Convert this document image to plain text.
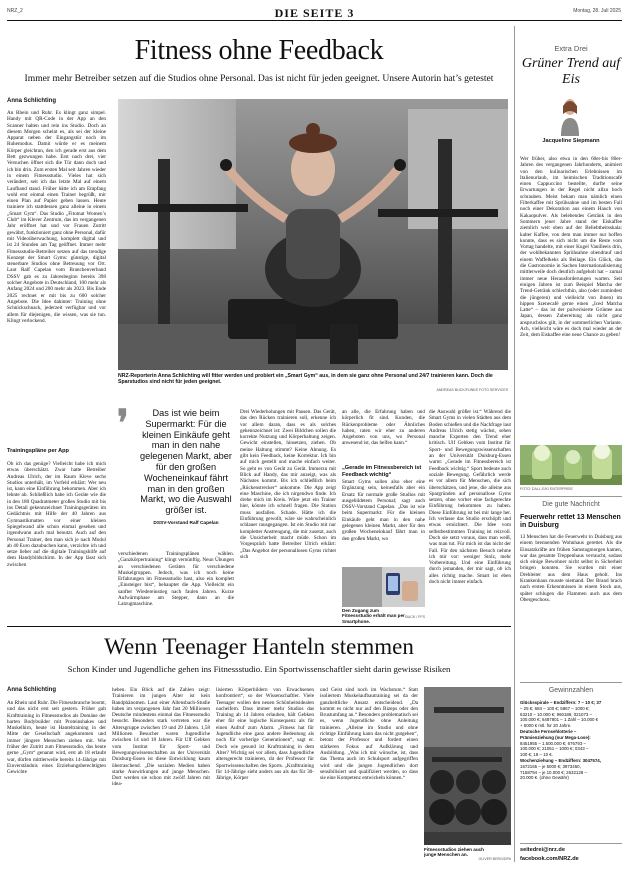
NRZ_2	DIE SEITE 3	Montag, 28. Juli 2025
Fitness ohne Feedback
Immer mehr Betreiber setzen auf die Studios ohne Personal. Das ist nicht für jeden geeignet. Unsere Autorin hat’s getestet
Anna Schlichting
An Rhein und Ruhr. Es klingt ganz simpel. Handy mit QR-Code in der App an den Scanner halten und rein ins Studio. Doch an diesem Morgen scheint es, als sei der kleine Apparat neben der Eingangstür noch im Ruhemodus. Damit würde er es meinem Körper gleichtun, den ich gerade erst aus dem Bett gezwungen habe. Erst nach drei, vier Versuchen öffnet sich die Tür dann doch und ich bin drin. Zum ersten Mal seit Jahren wieder in einem Fitnessstudio. Vieles hat sich verändert, seit ich das letzte Mal auf einem Laufband stand. Früher hätte ich am Empfang wohl erst einmal einen Trainer begrüßt, mir einen Plan auf Papier geben lassen. Heute trainiere ich stattdessen ganz alleine in einem „Smart Gym“. Das Studio „Fitomat Women’s Club“ im Klever Zentrum, das im vergangenen Jahr eröffnet hat und vor Frauen Zutritt gewährt, funktioniert ganz ohne Personal, dafür mit Videoüberwachung, komplett digital und ist 24 Stunden am Tag geöffnet. Immer mehr Fitnessstudio-Betreiber setzen auf das trendige Konzept der Smart Gyms: günstige, digital steuerbare Studios ohne Betreuung vor Ort. Laut Ralf Capelan vom Branchenverband DSSV gab es zu Jahresbeginn bereits 398 solcher Angebote in Deutschland, 100 mehr als Anfang 2024 und 200 mehr als 2023. Bis Ende 2025 rechnet er mit bis zu 600 solcher Angebote. Die Idee dahinter: Training ohne Schnickschnack, jederzeit verfügbar und vor allem für diejenigen, die wissen, was sie tun. Klingt verlockend.
Trainingspläne per App
Ob ich das genüge? Vielleicht habe ich mich etwas überschätzt. Zwar hatte Betreiber Andreas Ulrich, der im Raum Kleve sechs Studios unterhält, im Vorfeld erklärt: Wer neu ist, kann eine Einführung bekommen. Aber ich lehnte ab. Schließlich habe ich Geräte wie die in den 180 Quadratmeter großen Studio mit bis ins Detail gekennzeichnet Trainingsgeräten im Gedächtnis mit Hilfe der 40 Jahren aus Gymnastikmatten vor einer kleinen Spiegelwand alle schon einmal gesehen und irgendwann auch mal benutzt. Auch auf den Personal Trainer, den man sich je nach Modul ab 40 Euro dazubuchen kann, verzichte ich und setze lieber auf die digitale Trainingshilfe auf dem Handybildschirm. In der App lässt sich zwischen
NRZ-Reporterin Anna Schlichting will fitter werden und probiert ein „Smart Gym“ aus, in dem sie ganz ohne Personal und 24/7 trainieren kann. Doch die Sparstudios sind nicht für jeden geeignet.
ANDREAS BUCK/FUNKE FOTO SERVICES
❜	Das ist wie beim Supermarkt: Für die kleinen Einkäufe geht man in den nahe gelegenen Markt, aber für den großen Wocheneinkauf fährt man in den großen Markt, wo die Auswahl größer ist.
DSSV-Vorstand Ralf Capelan
verschiedenen Trainingsplänen wählen. „Ganzkörpertraining“ klingt vernünftig. Neun Übungen an verschiedenen Geräten für verschiedene Muskelgruppen. Jedoch, was ich noch keine Erfahrungen im Fitnessstudio hast, also ein komplett „Einsteiger bist“, behauptet die App. Vielleicht ein sanfter Wiedereinstieg nach faulen Jahren. Kurze Aufwärmphase am Stepper, dann an die Latzugmaschine.
Drei Wiederholungen mit Pausen. Das Gerät, das den Rücken trainieren soll, erkenne ich vor allem daran, dass es als solches gekennzeichnet ist: Zwei Bildchen sollen die korrekte Nutzung und Körperhaltung zeigen. Gewicht einstellen, hinsetzen, ziehen. Ob meine Haltung stimmt? Keine Ahnung. Es gibt kein Feedback, keine Korrektur. Ich bin auf mich gestellt und mache einfach weiter. So geht es von Gerät zu Gerät. Immerzu mit Blick auf Handy, das mir anzeigt, was als Nächstes kommt. Bis ich schließlich beim „Rückenstrecker“ ankomme. Die App zeigt eine Maschine, die ich nirgendwo finde. Ich drehe mich im Kreis. Wäre jetzt ein Trainer hier, könnte ich schnell fragen. Die Station muss ausfallen. Schade. Hätte ich die Einführung gewollt, wäre sie wahrscheinlich schlauer rausgegangen. Ist ein Studio mit nur kompletter Anstrengung, die mir zusetzt, auch die Unsicherheit macht müde. Schon im Vorgespräch hatte Betreiber Ulrich erklärt: „Das Angebot der personallosen Gyms richtet sich
an alle, die Erfahrung haben und körperlich fit sind. Kunden, die Rückenprobleme oder Ähnliches haben, raten wir eher zu anderen Angeboten von uns, wo Personal anwesend ist, das helfen kann.“
„Gerade im Fitnessbereich ist Feedback wichtig“
Smart Gyms sollen also eher eine Ergänzung sein, keinesfalls aber ein Ersatz für normale große Studios mit ausgebildetem Personal; sagt auch DSSV-Vorstand Capelan. „Das ist wie beim Supermarkt: Für die kleinen Einkäufe geht man in den nahe gelegenen kleinen Markt, aber für den großen Wocheneinkauf fährt man in den großen Markt, wo
die Auswahl größer ist.“ Während die Smart Gyms in vielen Städten aus dem Boden schießen und die Nachfrage laut Andreas Ulrich stetig wächst, sehen manche Experten den Trend eher kritisch. Ulf Gebken vom Institut für Sport- und Bewegungswissenschaften an der Universität Duisburg-Essen warnt: „Gerade im Fitnessbereich ist Feedback wichtig.“ Sport bedeute auch soziale Bewegung. Gefährlich werde es vor allem für Menschen, die sich überschätzen, und jene, die alleine aus Spargründen auf personallose Gyms setzen, ohne vorher eine fachgerechte Einführung bekommen zu haben. Diese Einführung ist bei mir lange her. Ich verlasse das Studio erschöpft und etwas ernüchtert. Die Idee vom selbstbestimmten Training ist reizvoll. Doch sie setzt voraus, dass man weiß, was man tut. Für mich ist das nicht der Fall. Für den nächsten Besuch nehme ich mir vor: weniger Stolz, mehr Vorbereitung. Und eine Einführung durch jemanden, der mir sagt, ob ich alles richtig mache. Smart ist eben doch nicht immer einfach.
Den Zugang zum Fitnessstudio erhält man per Smartphone.
BUCK / FFS
Wenn Teenager Hanteln stemmen
Schon Kinder und Jugendliche gehen ins Fitnessstudio. Ein Sportwissenschaftler sieht darin gewisse Risiken
Anna Schlichting
An Rhein und Ruhr. Die Fitnessbranche boomt, und das nicht erst seit gestern. Früher galt Krafttraining in Fitnessstudios als Domäne der harten Bodybuilder mit Proteinshakes und Muskelhirn, heute ist Hanteltraining in der Mitte der Gesellschaft angekommen und immer jüngere Menschen ziehen mit. Wie früher der Zutritt zum Fitnessstudio, das heute gerne „Gym“ genannt wird, erst ab 18 erlaubt war, dürfen mittlerweile bereits 14-Jährige mit Einverständnis eines Erziehungsberechtigten Gewichte
heben. Ein Blick auf die Zahlen zeigt: Trainieren im jungen Alter ist kein Randphänomen. Laut einer Allensbach-Studie haben im vergangenen Jahr fast 20 Millionen Deutsche mindestens einmal das Fitnessstudio besucht. Besonders stark vertreten war die Altersgruppe zwischen 19 und 29 Jahren. 1,58 Millionen Besucher waren Jugendliche zwischen 14 und 18 Jahren. Für Ulf Gebken vom Institut für Sport- und Bewegungswissenschaften an der Universität Duisburg-Essen ist diese Entwicklung kaum überraschend. „Die sozialen Medien haben starke Auswirkungen auf junge Menschen. Dort werden sie schon mit zwölf Jahren mit idea-
lisierten Körperbildern von Erwachsenen konfrontiert“, so der Wissenschaftler. Viele Teenager wollen den neuen Schönheitsidealen nacheifern. Dass immer mehr Studios das Training ab 14 Jahren erlauben, hält Gebken eher für eine logische Konsequenz als für einen Aufruf zum Alarm. „Fitness hat für Jugendliche eine ganz andere Bedeutung als noch für vorherige Generationen“, sagt er. Doch wie gesund ist Krafttraining in dem Alter? Wichtig sei vor allem, dass Jugendliche altersgerecht trainieren, rät der Professor für Sportwissenschaften des Sports. „Krafttraining für 14-Jährige sieht anders aus als das für 30-Jährige, Körper
und Geist sind noch im Wachstum.“ Statt isoliertem Muskelaufbautraining sei da der ganzheitliche Ansatz entscheidend. „Da kommt es nicht nur auf den Bizeps oder den Brustumfang an.“ Besonders problematisch sei es, wenn Jugendliche ohne Anleitung trainieren. „Alleine im Studio und ohne richtige Einführung kann das nicht gutgehen“, betont der Professor und fordert einen stärkeren Fokus auf Aufklärung und Ausbildung. „Was ich mir wünsche, ist, dass das Thema auch im Schulsport aufgegriffen wird und die jungen Jugendlichen dort sensibilisiert und qualifiziert werden, so dass sie eine Kompetenz entwickeln können.“
Fitnessstudios ziehen auch junge Menschen an.
OLIVER BERG/DPA
Extra Drei
Grüner Trend auf Eis
Jacqueline Siepmann
Wer früher, also etwa in den 60er-bis 80er-Jahren des vergangenen Jahrhunderts, animiert von den kulinarischen Erlebnissen im Italienurlaub, im heimischen Traditionscafé einen Cappuccino bestellte, durfte seine Erwartungen in der Regel nicht allzu hoch schrauben. Meist bekam man nämlich einen Filterkaffee mit Sprühsahne und im besten Fall noch einer Dekoration aus einem Hauch von Kakaopulver. Als belebendes Getränk in den Sommern jener Jahre stand der Eiskaffee ziemlich weit oben auf der Beliebtheitsskala: kalter Kaffee, von dem man immer nur hoffen konnte, dass es sich nicht um die Reste vom Vortag handelte, mit einer Kugel Vanilleeis drin, der wohlbekannten Sprühsahne obendrauf und einem Waffelkeks als Beilage. Ein Glück, das die Gastronomie in Sachen Internationalisierung mittlerweile doch deutlich aufgeholt hat – zumal immer neue Herausforderungen warten. Seit einigen Jahren ist zum Beispiel Matcha der Trend-Getränk schlechthin, also (oder zumindest die jüngeren) und vielleicht von ihnen) im hippen Szenecafé gerne einen „Iced Matcha Latte“ – das ist der pulverisierte Grüntee aus Japan, dessen Zubereitung als nicht ganz anspruchslos gilt, in der sommerlichen Variante. Ach, vielleicht wäre es doch mal wieder an der Zeit, dem Eiskaffee eine neue Chance zu geben!
FOTO: DALL-E/KI ENTERPRISE
Die gute Nachricht
Feuerwehr rettet 13 Menschen in Duisburg
13 Menschen hat die Feuerwehr in Duisburg aus einem brennenden Wohnhaus gerettet. Als die Einsatzkräfte am frühen Samstagmorgen kamen, war das gesamte Treppenhaus verraucht, sodass sich einige Bewohner nicht selbst in Sicherheit bringen konnten. Sie wurden mit einer Drehleiter aus dem Haus geholt. Ins Krankenhaus musste niemand. Der Brand brach nach ersten Erkenntnissen in einem Stock aus, später schlugen die Flammen auch aus dem Obergeschoss.
Gewinnzahlen
Glücksspirale – Endziffern: 7 – 10 €; 37
– 25 €; 684 – 100 €; 5867 – 1000 €;
63210 – 10.000 €; 960188, 021073 –
100.000 €; 6487801 – 1 Zahl – 10.000 €
+ 5000 € mtl. für 20 Jahre.
Deutsche Fernsehlotterie –
Prämienziehung (nur Mega-Lose):
8451955 – 1.500.000 €; 676793 –
100.000 €; 21051 – 1000 €; 0343 –
100 €; 18 – 10 €.
Wochenziehung – Endziffern: 3047574,
1672165 – je 5000 €; 3973450,
7158794 – je 10.000 €; 2632128 –
20.000 €. (ohne Gewähr)
seitedrei@nrz.de
facebook.com/NRZ.de
